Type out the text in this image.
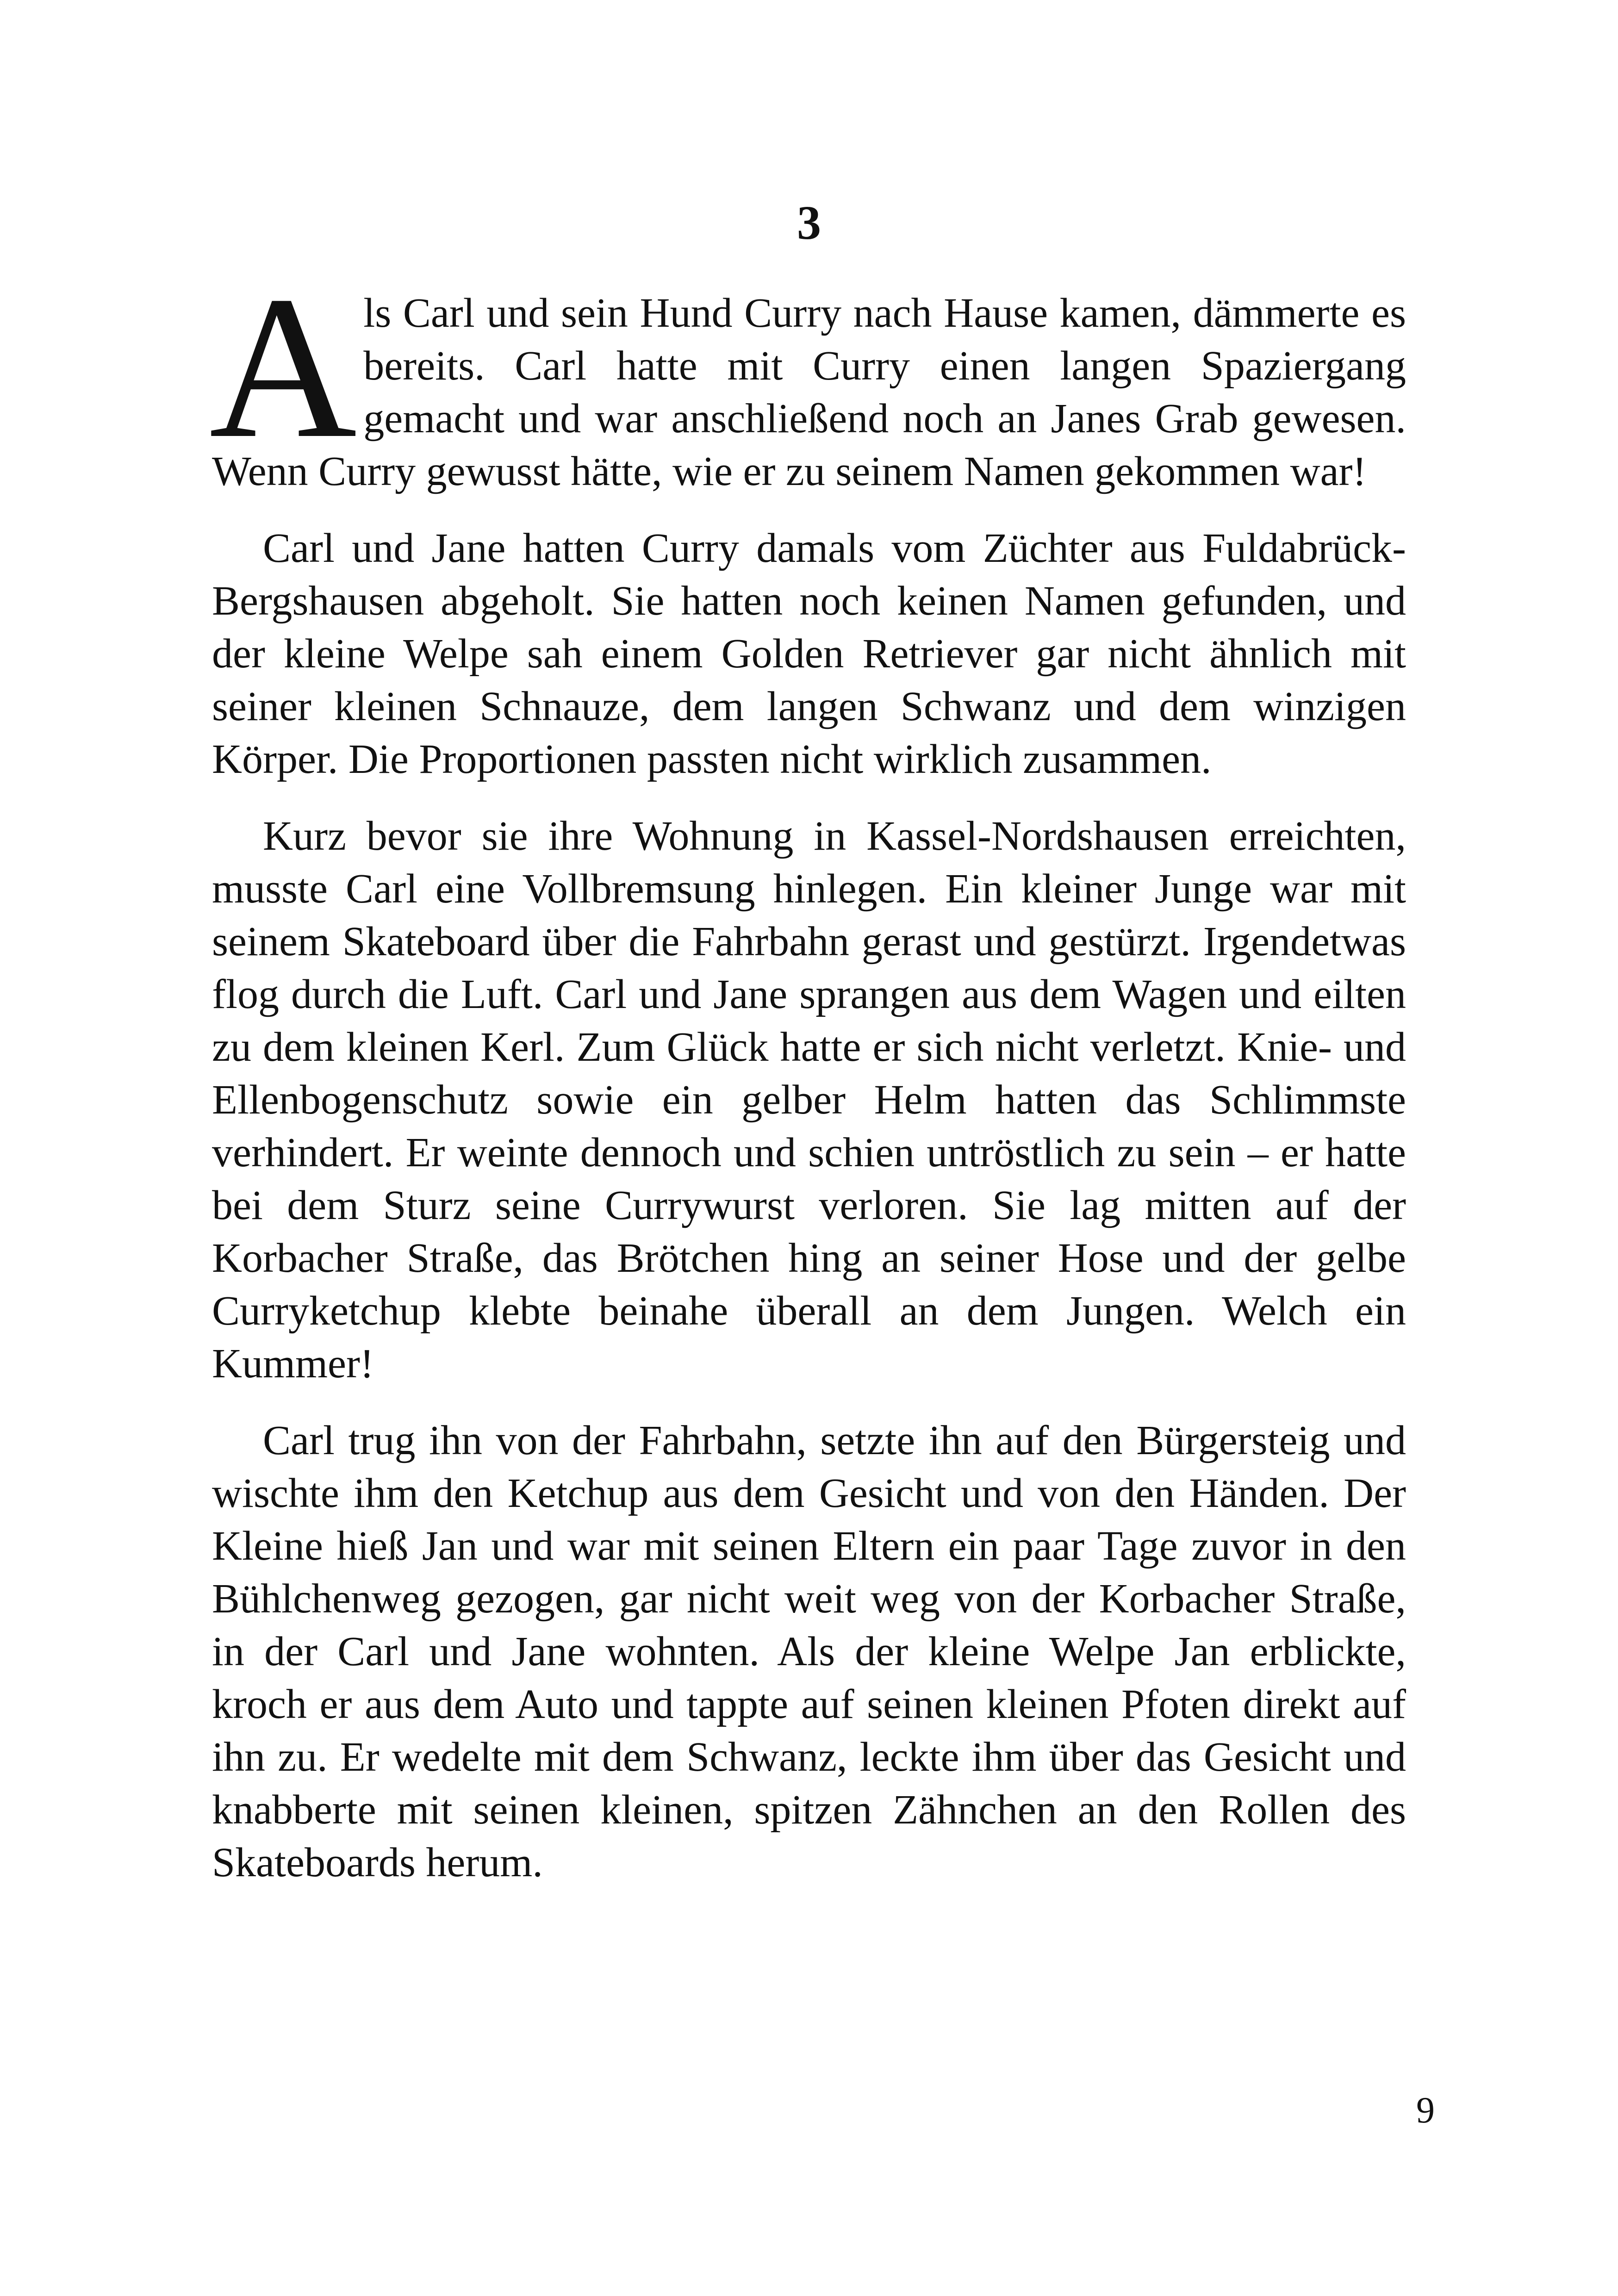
3

Als Carl und sein Hund Curry nach Hause kamen, dämmerte es bereits. Carl hatte mit Curry einen langen Spaziergang gemacht und war anschließend noch an Janes Grab gewesen. Wenn Curry gewusst hätte, wie er zu seinem Namen gekommen war!

Carl und Jane hatten Curry damals vom Züchter aus Fuldabrück-Bergshausen abgeholt. Sie hatten noch keinen Namen gefunden, und der kleine Welpe sah einem Golden Retriever gar nicht ähnlich mit seiner kleinen Schnauze, dem langen Schwanz und dem winzigen Körper. Die Proportionen passten nicht wirklich zusammen.

Kurz bevor sie ihre Wohnung in Kassel-Nordshausen erreichten, musste Carl eine Vollbremsung hinlegen. Ein kleiner Junge war mit seinem Skateboard über die Fahrbahn gerast und gestürzt. Irgendetwas flog durch die Luft. Carl und Jane sprangen aus dem Wagen und eilten zu dem kleinen Kerl. Zum Glück hatte er sich nicht verletzt. Knie- und Ellenbogenschutz sowie ein gelber Helm hatten das Schlimmste verhindert. Er weinte dennoch und schien untröstlich zu sein – er hatte bei dem Sturz seine Currywurst verloren. Sie lag mitten auf der Korbacher Straße, das Brötchen hing an seiner Hose und der gelbe Curryketchup klebte beinahe überall an dem Jungen. Welch ein Kummer!

Carl trug ihn von der Fahrbahn, setzte ihn auf den Bürgersteig und wischte ihm den Ketchup aus dem Gesicht und von den Händen. Der Kleine hieß Jan und war mit seinen Eltern ein paar Tage zuvor in den Bühlchenweg gezogen, gar nicht weit weg von der Korbacher Straße, in der Carl und Jane wohnten. Als der kleine Welpe Jan erblickte, kroch er aus dem Auto und tappte auf seinen kleinen Pfoten direkt auf ihn zu. Er wedelte mit dem Schwanz, leckte ihm über das Gesicht und knabberte mit seinen kleinen, spitzen Zähnchen an den Rollen des Skateboards herum.

9
